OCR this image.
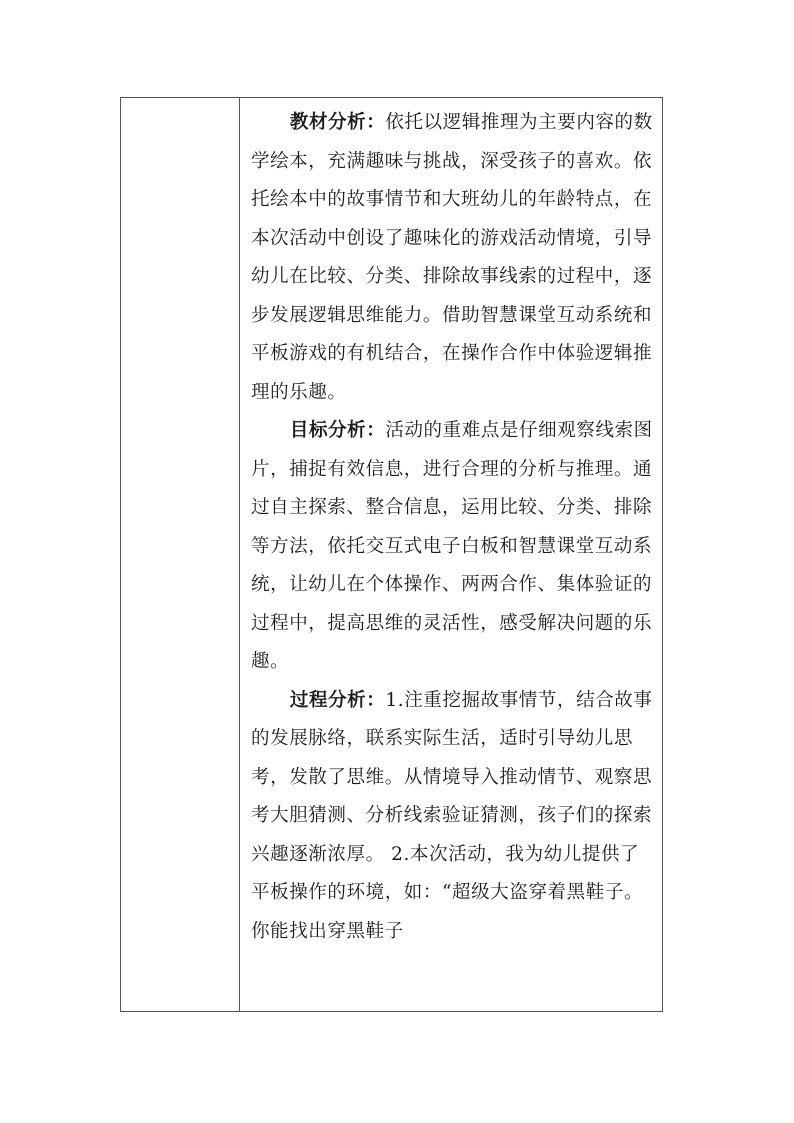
教材分析：依托以逻辑推理为主要内容的数学绘本，充满趣味与挑战，深受孩子的喜欢。依托绘本中的故事情节和大班幼儿的年龄特点，在本次活动中创设了趣味化的游戏活动情境，引导幼儿在比较、分类、排除故事线索的过程中，逐步发展逻辑思维能力。借助智慧课堂互动系统和平板游戏的有机结合，在操作合作中体验逻辑推理的乐趣。

目标分析：活动的重难点是仔细观察线索图片，捕捉有效信息，进行合理的分析与推理。通过自主探索、整合信息，运用比较、分类、排除等方法，依托交互式电子白板和智慧课堂互动系统，让幼儿在个体操作、两两合作、集体验证的过程中，提高思维的灵活性，感受解决问题的乐趣。

过程分析：1.注重挖掘故事情节，结合故事的发展脉络，联系实际生活，适时引导幼儿思考，发散了思维。从情境导入推动情节、观察思考大胆猜测、分析线索验证猜测，孩子们的探索兴趣逐渐浓厚。 2.本次活动，我为幼儿提供了平板操作的环境，如：“超级大盗穿着黑鞋子。你能找出穿黑鞋子
